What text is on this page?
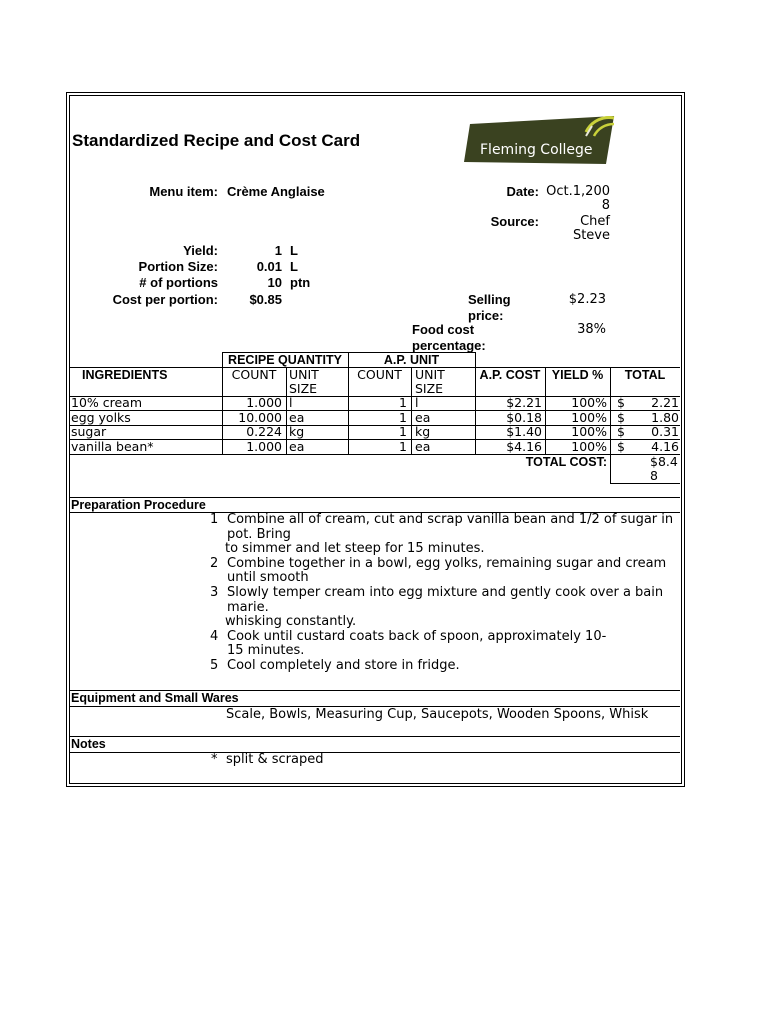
Standardized Recipe and Cost Card	Fleming College
Menu item: Crème Anglaise	Date: Oct.1,200
8
Source:	Chef
Steve
Yield:	1 L
Portion Size:	0.01 L
# of portions	10 ptn
Cost per portion:	$0.85	Selling
price:
$2.23
Food cost
percentage:
38%
RECIPE QUANTITY	A.P. UNIT
INGREDIENTS	COUNT	UNIT
SIZE
COUNT	UNIT
SIZE
A.P. COST YIELD %	TOTAL
10% cream	1.000 l	1 l	$2.21	100% $	2.21
egg yolks	10.000 ea	1 ea	$0.18	100% $	1.80
sugar	0.224 kg	1 kg	$1.40	100% $	0.31
vanilla bean*	1.000 ea	1 ea	$4.16	100% $	4.16
TOTAL COST:	$8.4
8
Preparation Procedure
1 Combine all of cream, cut and scrap vanilla bean and 1/2 of sugar in
pot. Bring
to simmer and let steep for 15 minutes.
2 Combine together in a bowl, egg yolks, remaining sugar and cream
until smooth
3 Slowly temper cream into egg mixture and gently cook over a bain
marie.
whisking constantly.
4 Cook until custard coats back of spoon, approximately 10-
15 minutes.
5 Cool completely and store in fridge.
Equipment and Small Wares
Scale, Bowls, Measuring Cup, Saucepots, Wooden Spoons, Whisk
Notes
* split & scraped
